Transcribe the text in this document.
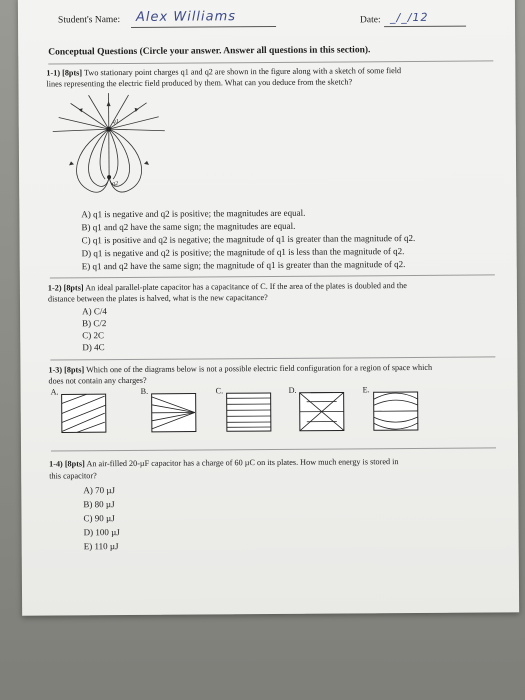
Student's Name: Alex Williams	Date: _/_/12
Conceptual Questions (Circle your answer. Answer all questions in this section).
1-1) [8pts] Two stationary point charges q1 and q2 are shown in the figure along with a sketch of some field
lines representing the electric field produced by them. What can you deduce from the sketch?
q1
q2
A) q1 is negative and q2 is positive; the magnitudes are equal.
B) q1 and q2 have the same sign; the magnitudes are equal.
C) q1 is positive and q2 is negative; the magnitude of q1 is greater than the magnitude of q2.
D) q1 is negative and q2 is positive; the magnitude of q1 is less than the magnitude of q2.
E) q1 and q2 have the same sign; the magnitude of q1 is greater than the magnitude of q2.
1-2) [8pts] An ideal parallel-plate capacitor has a capacitance of C. If the area of the plates is doubled and the
distance between the plates is halved, what is the new capacitance?
A) C/4
B) C/2
C) 2C
D) 4C
1-3) [8pts] Which one of the diagrams below is not a possible electric field configuration for a region of space which
does not contain any charges?
A.	B.	C.	D.	E.
1-4) [8pts] An air-filled 20-µF capacitor has a charge of 60 µC on its plates. How much energy is stored in
this capacitor?
A) 70 µJ
B) 80 µJ
C) 90 µJ
D) 100 µJ
E) 110 µJ
